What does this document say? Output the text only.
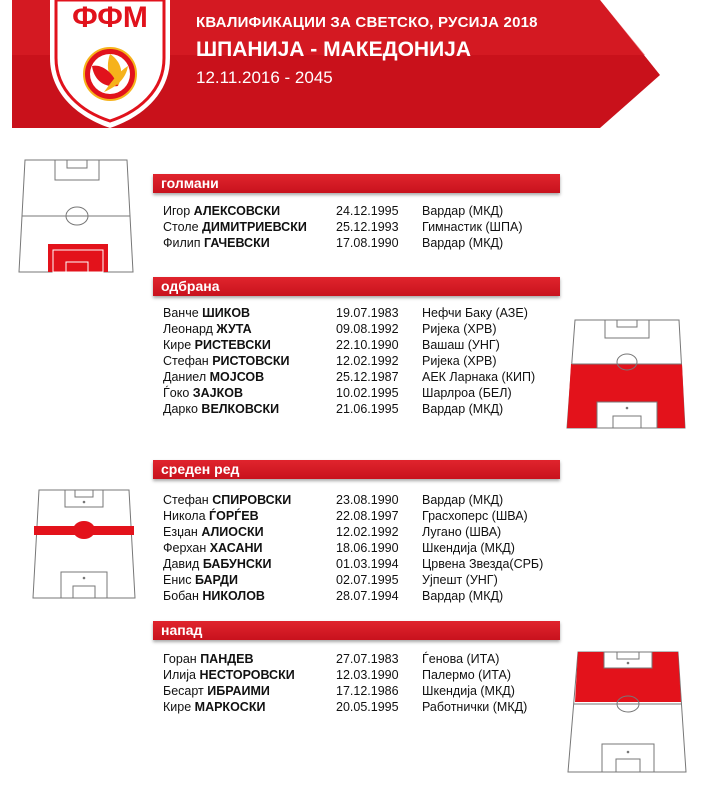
ФФМ	КВАЛИФИКАЦИИ ЗА СВЕТСКО, РУСИЈА 2018
ШПАНИЈА - МАКЕДОНИЈА
12.11.2016 - 2045
голмани
Игор АЛЕКСОВСКИ	24.12.1995 Вардар (МКД)
Столе ДИМИТРИЕВСКИ 25.12.1993 Гимнастик (ШПА)
Филип ГАЧЕВСКИ	17.08.1990 Вардар (МКД)
одбрана
Ванче ШИКОВ	19.07.1983 Нефчи Баку (АЗЕ)
Леонард ЖУТА	09.08.1992 Ријека (ХРВ)
Кире РИСТЕВСКИ	22.10.1990 Вашаш (УНГ)
Стефан РИСТОВСКИ	12.02.1992 Ријека (ХРВ)
Даниел МОЈСОВ	25.12.1987 АЕК Ларнака (КИП)
Ѓоко ЗАЈКОВ	10.02.1995 Шарлроа (БЕЛ)
Дарко ВЕЛКОВСКИ	21.06.1995 Вардар (МКД)
среден ред
Стефан СПИРОВСКИ	23.08.1990 Вардар (МКД)
Никола ЃОРЃЕВ	22.08.1997 Грасхоперс (ШВА)
Езџан АЛИОСКИ	12.02.1992 Лугано (ШВА)
Ферхан ХАСАНИ	18.06.1990 Шкендија (МКД)
Давид БАБУНСКИ	01.03.1994 Црвена Звезда(СРБ)
Енис БАРДИ	02.07.1995 Ујпешт (УНГ)
Бобан НИКОЛОВ	28.07.1994 Вардар (МКД)
напад
Горан ПАНДЕВ	27.07.1983 Ѓенова (ИТА)
Илија НЕСТОРОВСКИ	12.03.1990 Палермо (ИТА)
Бесарт ИБРАИМИ	17.12.1986 Шкендија (МКД)
Кире МАРКОСКИ	20.05.1995 Работнички (МКД)
